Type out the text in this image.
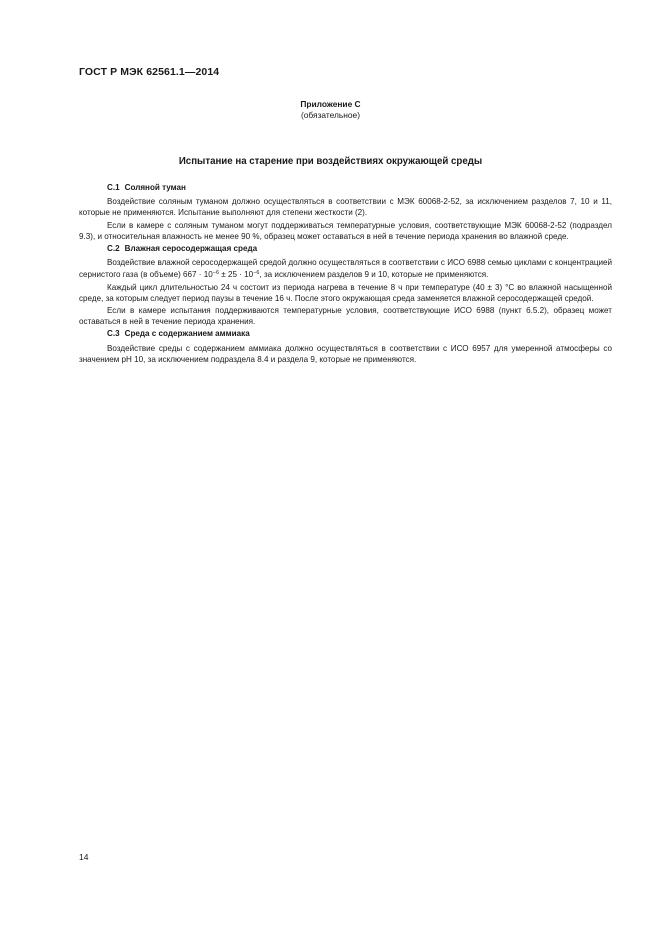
ГОСТ Р МЭК 62561.1—2014
Приложение С
(обязательное)
Испытание на старение при воздействиях окружающей среды
С.1 Соляной туман

Воздействие соляным туманом должно осуществляться в соответствии с МЭК 60068-2-52, за исключением разделов 7, 10 и 11, которые не применяются. Испытание выполняют для степени жесткости (2).

Если в камере с соляным туманом могут поддерживаться температурные условия, соответствующие МЭК 60068-2-52 (подраздел 9.3), и относительная влажность не менее 90 %, образец может оставаться в ней в течение периода хранения во влажной среде.

С.2 Влажная серосодержащая среда

Воздействие влажной серосодержащей средой должно осуществляться в соответствии с ИСО 6988 семью циклами с концентрацией сернистого газа (в объеме) $667 \cdot 10^{-6} \pm 25 \cdot 10^{-6}$, за исключением разделов 9 и 10, которые не применяются.

Каждый цикл длительностью 24 ч состоит из периода нагрева в течение 8 ч при температуре (40 ± 3) °С во влажной насыщенной среде, за которым следует период паузы в течение 16 ч. После этого окружающая среда заменяется влажной серосодержащей средой.

Если в камере испытания поддерживаются температурные условия, соответствующие ИСО 6988 (пункт 6.5.2), образец может оставаться в ней в течение периода хранения.

С.3 Среда с содержанием аммиака

Воздействие среды с содержанием аммиака должно осуществляться в соответствии с ИСО 6957 для умеренной атмосферы со значением рН 10, за исключением подраздела 8.4 и раздела 9, которые не применяются.

14
